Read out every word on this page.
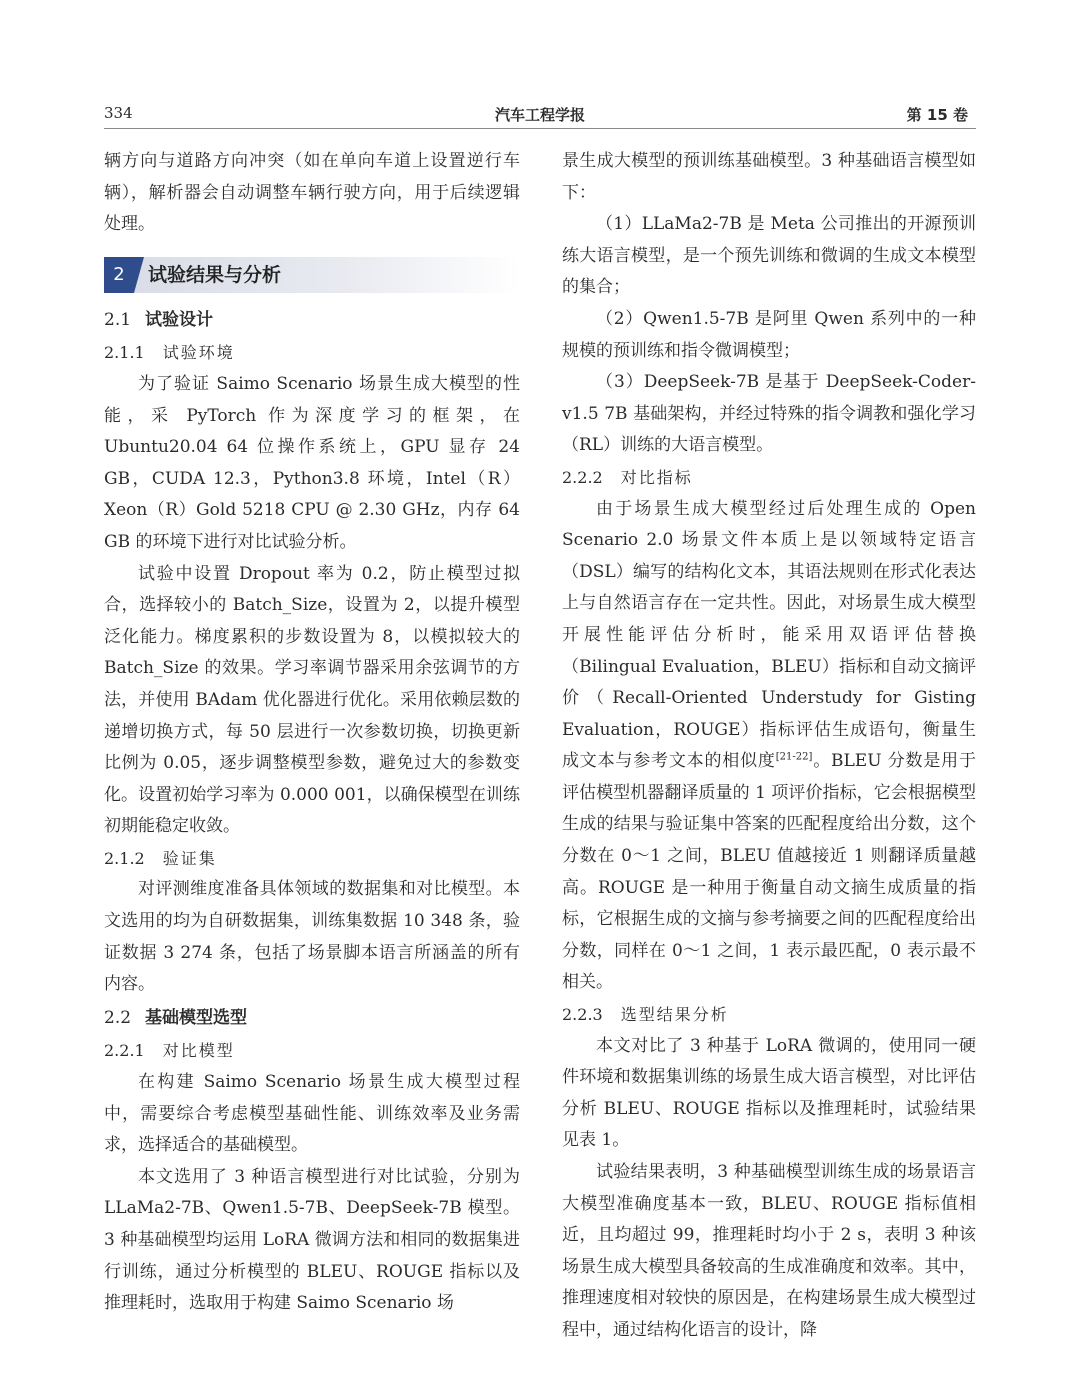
334	汽车工程学报	第 15 卷

辆方向与道路方向冲突（如在单向车道上设置逆行车辆），解析器会自动调整车辆行驶方向，用于后续逻辑处理。

2	试验结果与分析
2.1 试验设计
2.1.1 试验环境

为了验证 Saimo Scenario 场景生成大模型的性能，采 PyTorch 作为深度学习的框架，在 Ubuntu20.04 64 位操作系统上，GPU 显存 24 GB，CUDA 12.3，Python3.8 环境，Intel（R）Xeon（R）Gold 5218 CPU @ 2.30 GHz，内存 64 GB 的环境下进行对比试验分析。

试验中设置 Dropout 率为 0.2，防止模型过拟合，选择较小的 Batch_Size，设置为 2，以提升模型泛化能力。梯度累积的步数设置为 8，以模拟较大的 Batch_Size 的效果。学习率调节器采用余弦调节的方法，并使用 BAdam 优化器进行优化。采用依赖层数的递增切换方式，每 50 层进行一次参数切换，切换更新比例为 0.05，逐步调整模型参数，避免过大的参数变化。设置初始学习率为 0.000 001，以确保模型在训练初期能稳定收敛。

2.1.2 验证集

对评测维度准备具体领域的数据集和对比模型。本文选用的均为自研数据集，训练集数据 10 348 条，验证数据 3 274 条，包括了场景脚本语言所涵盖的所有内容。

2.2 基础模型选型
2.2.1 对比模型

在构建 Saimo Scenario 场景生成大模型过程中，需要综合考虑模型基础性能、训练效率及业务需求，选择适合的基础模型。

本文选用了 3 种语言模型进行对比试验，分别为 LLaMa2-7B、Qwen1.5-7B、DeepSeek-7B 模型。3 种基础模型均运用 LoRA 微调方法和相同的数据集进行训练，通过分析模型的 BLEU、ROUGE 指标以及推理耗时，选取用于构建 Saimo Scenario 场

景生成大模型的预训练基础模型。3 种基础语言模型如下：

（1）LLaMa2-7B 是 Meta 公司推出的开源预训练大语言模型，是一个预先训练和微调的生成文本模型的集合；

（2）Qwen1.5-7B 是阿里 Qwen 系列中的一种规模的预训练和指令微调模型；

（3）DeepSeek-7B 是基于 DeepSeek-Coder-v1.5 7B 基础架构，并经过特殊的指令调教和强化学习（RL）训练的大语言模型。

2.2.2 对比指标

由于场景生成大模型经过后处理生成的 Open Scenario 2.0 场景文件本质上是以领域特定语言（DSL）编写的结构化文本，其语法规则在形式化表达上与自然语言存在一定共性。因此，对场景生成大模型开展性能评估分析时，能采用双语评估替换（Bilingual Evaluation，BLEU）指标和自动文摘评价（Recall-Oriented Understudy for Gisting Evaluation，ROUGE）指标评估生成语句，衡量生成文本与参考文本的相似度[21-22]。BLEU 分数是用于评估模型机器翻译质量的 1 项评价指标，它会根据模型生成的结果与验证集中答案的匹配程度给出分数，这个分数在 0～1 之间，BLEU 值越接近 1 则翻译质量越高。ROUGE 是一种用于衡量自动文摘生成质量的指标，它根据生成的文摘与参考摘要之间的匹配程度给出分数，同样在 0～1 之间，1 表示最匹配，0 表示最不相关。

2.2.3 选型结果分析

本文对比了 3 种基于 LoRA 微调的，使用同一硬件环境和数据集训练的场景生成大语言模型，对比评估分析 BLEU、ROUGE 指标以及推理耗时，试验结果见表 1。

试验结果表明，3 种基础模型训练生成的场景语言大模型准确度基本一致，BLEU、ROUGE 指标值相近，且均超过 99，推理耗时均小于 2 s，表明 3 种该场景生成大模型具备较高的生成准确度和效率。其中，推理速度相对较快的原因是，在构建场景生成大模型过程中，通过结构化语言的设计，降
